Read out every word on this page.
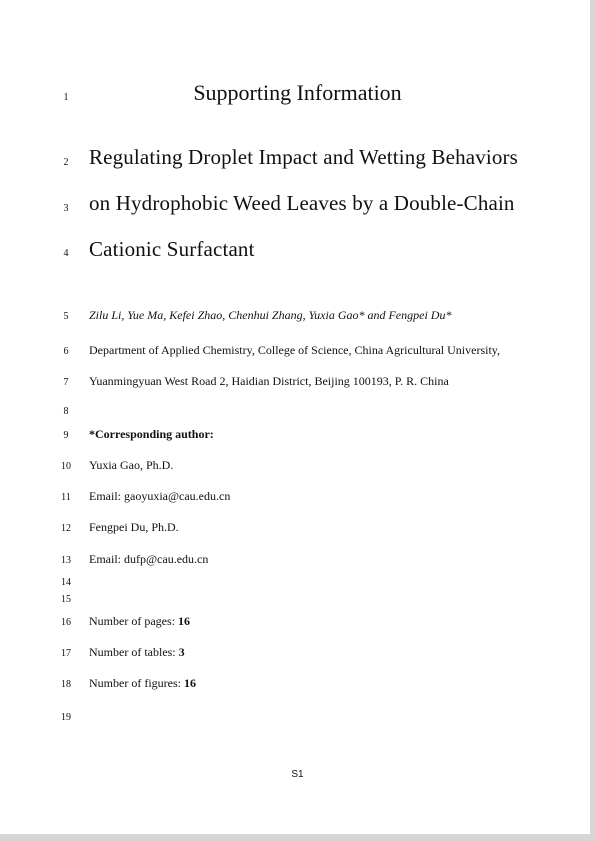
1
2
3
4
5
6
7
8
9
10
11
12
13
14
15
16
17
18
19
Supporting Information
Regulating Droplet Impact and Wetting Behaviors
on Hydrophobic Weed Leaves by a Double-Chain
Cationic Surfactant
Zilu Li, Yue Ma, Kefei Zhao, Chenhui Zhang, Yuxia Gao* and Fengpei Du*
Department of Applied Chemistry, College of Science, China Agricultural University,
Yuanmingyuan West Road 2, Haidian District, Beijing 100193, P. R. China
*Corresponding author:
Yuxia Gao, Ph.D.
Email: gaoyuxia@cau.edu.cn
Fengpei Du, Ph.D.
Email: dufp@cau.edu.cn
Number of pages: 16
Number of tables: 3
Number of figures: 16
S1
